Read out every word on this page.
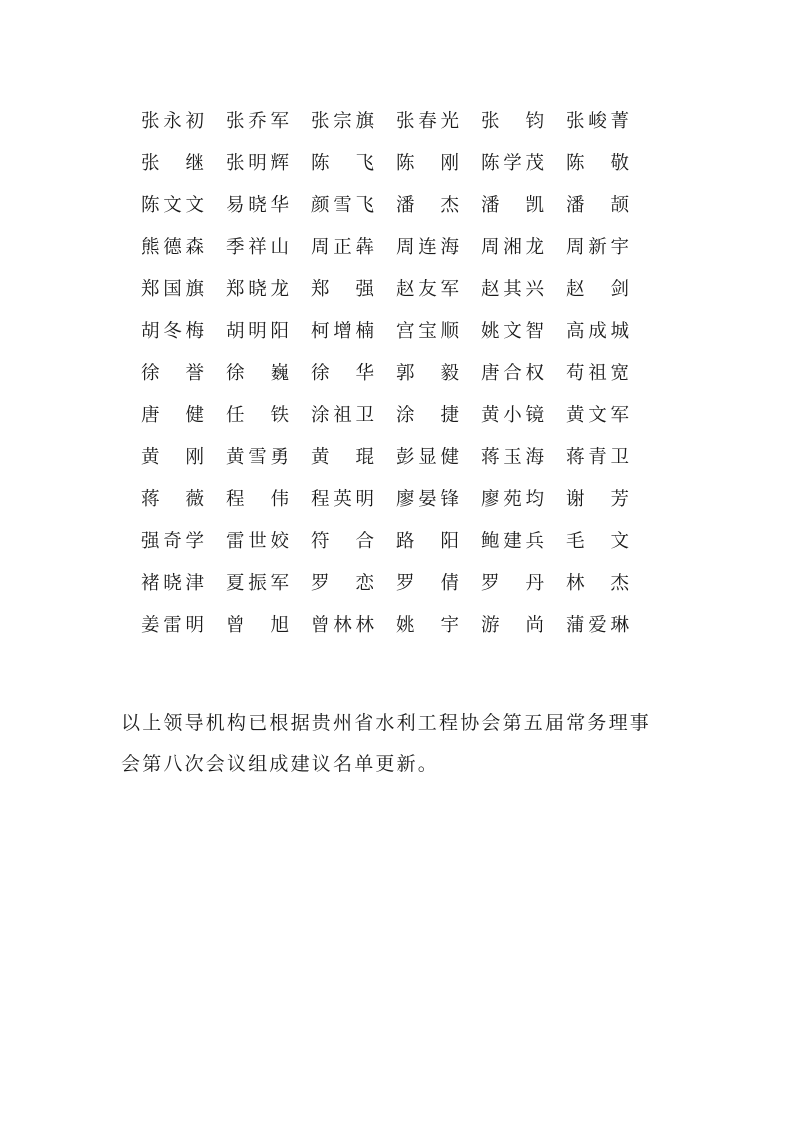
张 永 初 张 乔 军 张 宗 旗 张 春 光 张 钧 张 峻 菁
张 继 张 明 辉 陈 飞 陈 刚 陈 学 茂 陈 敬
陈 文 文 易 晓 华 颜 雪 飞 潘 杰 潘 凯 潘 颉
熊 德 森 季 祥 山 周 正 犇 周 连 海 周 湘 龙 周 新 宇
郑 国 旗 郑 晓 龙 郑 强 赵 友 军 赵 其 兴 赵 剑
胡 冬 梅 胡 明 阳 柯 增 楠 宫 宝 顺 姚 文 智 高 成 城
徐 誉 徐 巍 徐 华 郭 毅 唐 合 权 苟 祖 宽
唐 健 任 铁 涂 祖 卫 涂 捷 黄 小 镜 黄 文 军
黄 刚 黄 雪 勇 黄 琨 彭 显 健 蒋 玉 海 蒋 青 卫
蒋 薇 程 伟 程 英 明 廖 晏 锋 廖 苑 均 谢 芳
强 奇 学 雷 世 姣 符 合 路 阳 鲍 建 兵 毛 文
褚 晓 津 夏 振 军 罗 恋 罗 倩 罗 丹 林 杰
姜 雷 明 曾 旭 曾 林 林 姚 宇 游 尚 蒲 爱 琳
以上领导机构已根据贵州省水利工程协会第五届常务理事
会第八次会议组成建议名单更新。
